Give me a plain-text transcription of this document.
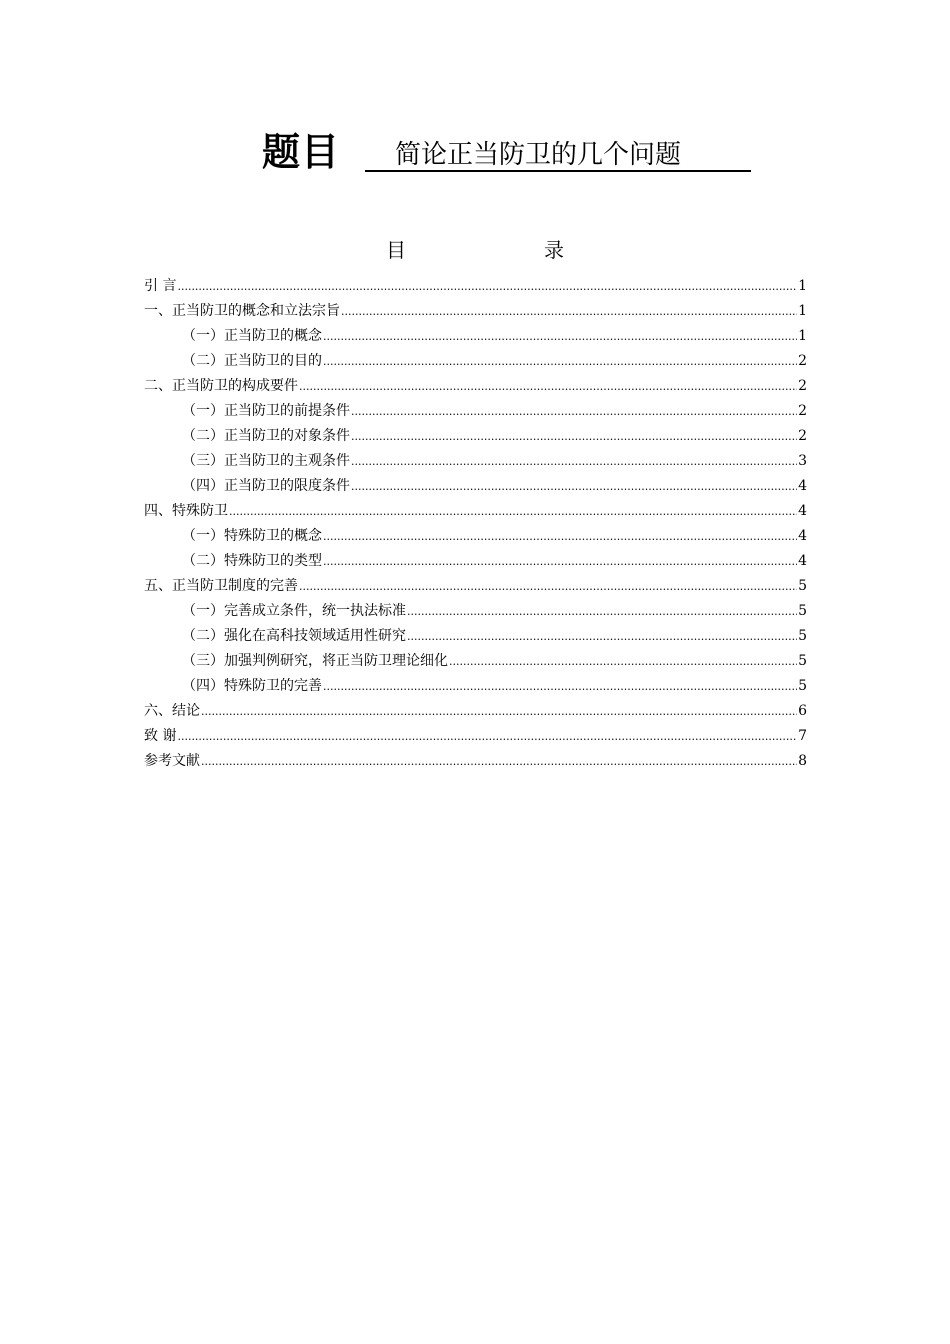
题目	简论正当防卫的几个问题
目	录
引 言 .....	1
一、正当防卫的概念和立法宗旨 .....	1
（一）正当防卫的概念 .....	1
（二）正当防卫的目的 .....	2
二、正当防卫的构成要件 .....	2
（一）正当防卫的前提条件 .....	2
（二）正当防卫的对象条件 .....	2
（三）正当防卫的主观条件 .....	3
（四）正当防卫的限度条件 .....	4
四、特殊防卫 .....	4
（一）特殊防卫的概念 .....	4
（二）特殊防卫的类型 .....	4
五、正当防卫制度的完善 .....	5
（一）完善成立条件，统一执法标准 .....	5
（二）强化在高科技领域适用性研究 .....	5
（三）加强判例研究，将正当防卫理论细化 .....	5
（四）特殊防卫的完善 .....	5
六、结论 .....	6
致 谢 .....	7
参考文献 .....	8
